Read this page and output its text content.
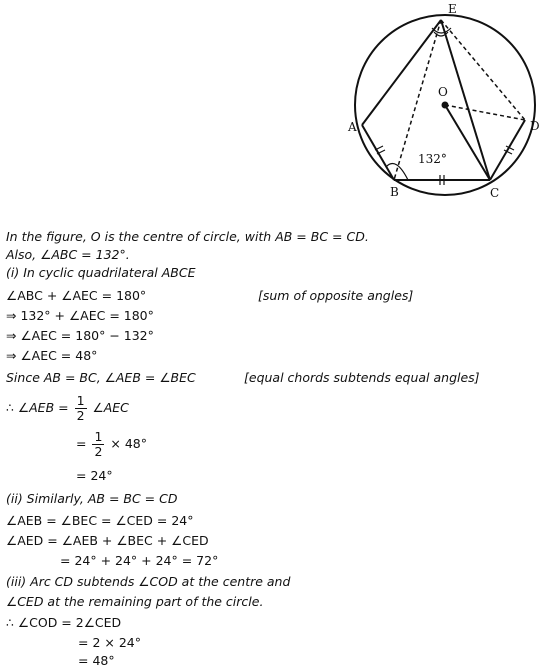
E
O
A	D
B	C
132°
In the figure, O is the centre of circle, with AB = BC = CD.
Also, ∠ABC = 132°.
(i) In cyclic quadrilateral ABCE
∠ABC + ∠AEC = 180°	[sum of opposite angles]
⇒ 132° + ∠AEC = 180°
⇒ ∠AEC = 180° − 132°
⇒ ∠AEC = 48°
Since AB = BC, ∠AEB = ∠BEC	[equal chords subtends equal angles]
∴ ∠AEB = $\frac{1}{2}$ ∠AEC
= $\frac{1}{2} \times 48^\circ$
= 24°
(ii) Similarly, AB = BC = CD
∠AEB = ∠BEC = ∠CED = 24°
∠AED = ∠AEB + ∠BEC + ∠CED
= 24° + 24° + 24° = 72°
(iii) Arc CD subtends ∠COD at the centre and
∠CED at the remaining part of the circle.
∴ ∠COD = 2∠CED
= 2 × 24°
= 48°
